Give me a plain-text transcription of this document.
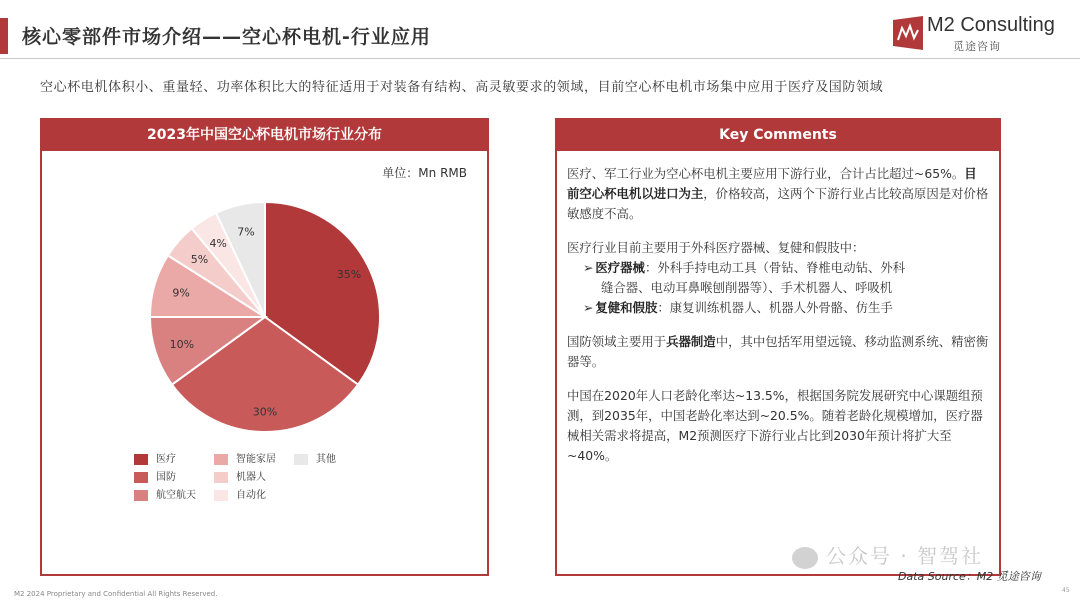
核心零部件市场介绍——空心杯电机-行业应用
M2 Consulting
觅途咨询
空心杯电机体积小、重量轻、功率体积比大的特征适用于对装备有结构、高灵敏要求的领域，目前空心杯电机市场集中应用于医疗及国防领域
2023年中国空心杯电机市场行业分布
单位：Mn RMB
35%
30%
10%
9%
5%
4%
7%
医疗
国防
航空航天
智能家居
机器人
自动化
其他
Key Comments

医疗、军工行业为空心杯电机主要应用下游行业，合计占比超过~65%。目前空心杯电机以进口为主，价格较高，这两个下游行业占比较高原因是对价格敏感度不高。

医疗行业目前主要用于外科医疗器械、复健和假肢中：
➢ 医疗器械：外科手持电动工具（骨钻、脊椎电动钻、外科
缝合器、电动耳鼻喉刨削器等）、手术机器人、呼吸机
➢ 复健和假肢：康复训练机器人、机器人外骨骼、仿生手

国防领域主要用于兵器制造中，其中包括军用望远镜、移动监测系统、精密衡器等。

中国在2020年人口老龄化率达~13.5%，根据国务院发展研究中心课题组预测，到2035年，中国老龄化率达到~20.5%。随着老龄化规模增加，医疗器械相关需求将提高，M2预测医疗下游行业占比到2030年预计将扩大至~40%。

公众号 · 智驾社
Data Source：M2 觅途咨询
M2 2024 Proprietary and Confidential All Rights Reserved.	45
